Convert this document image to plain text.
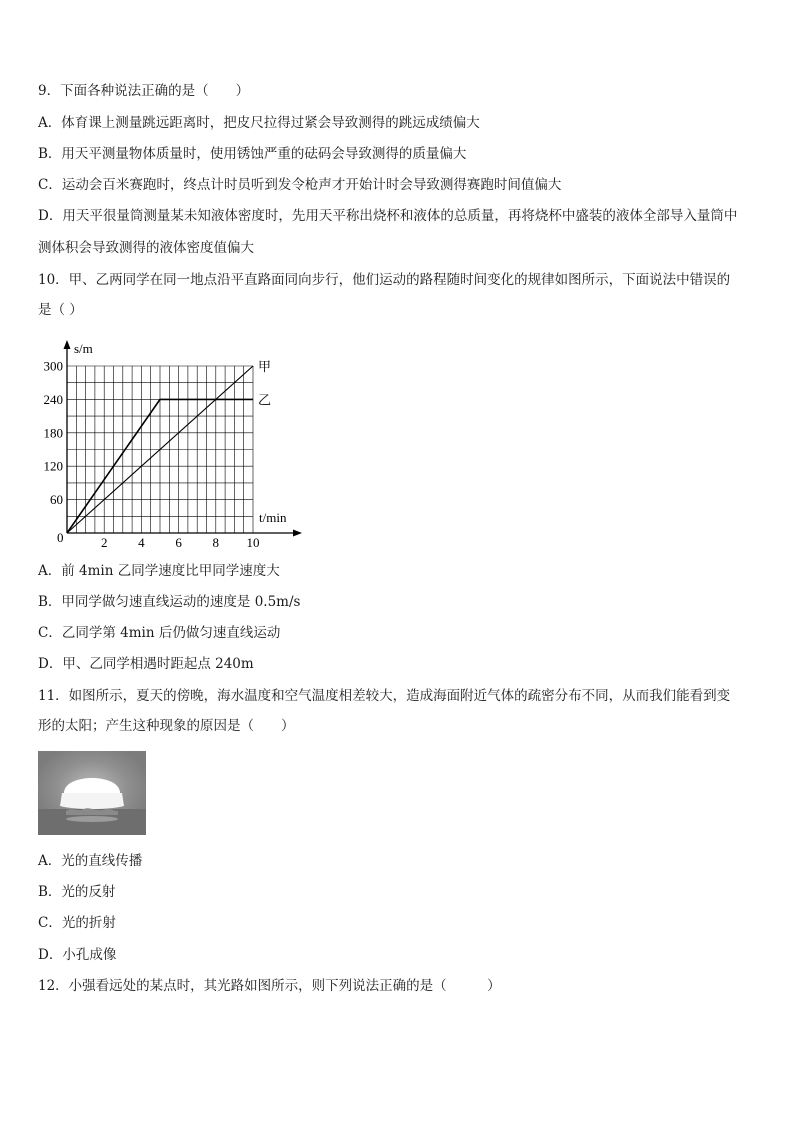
9．下面各种说法正确的是（　　）
A．体育课上测量跳远距离时，把皮尺拉得过紧会导致测得的跳远成绩偏大
B．用天平测量物体质量时，使用锈蚀严重的砝码会导致测得的质量偏大
C．运动会百米赛跑时，终点计时员听到发令枪声才开始计时会导致测得赛跑时间值偏大
D．用天平很量筒测量某未知液体密度时，先用天平称出烧杯和液体的总质量，再将烧杯中盛装的液体全部导入量筒中
测体积会导致测得的液体密度值偏大
10．甲、乙两同学在同一地点沿平直路面同向步行，他们运动的路程随时间变化的规律如图所示，下面说法中错误的
是（ ）
2 4 6 8 10
60
120
180
240
300	甲
乙
s/m
t/min
0
A．前 4min 乙同学速度比甲同学速度大
B．甲同学做匀速直线运动的速度是 0.5m/s
C．乙同学第 4min 后仍做匀速直线运动
D．甲、乙同学相遇时距起点 240m
11．如图所示，夏天的傍晚，海水温度和空气温度相差较大，造成海面附近气体的疏密分布不同，从而我们能看到变
形的太阳；产生这种现象的原因是（　　）
A．光的直线传播
B．光的反射
C．光的折射
D．小孔成像
12．小强看远处的某点时，其光路如图所示，则下列说法正确的是（　　　）
